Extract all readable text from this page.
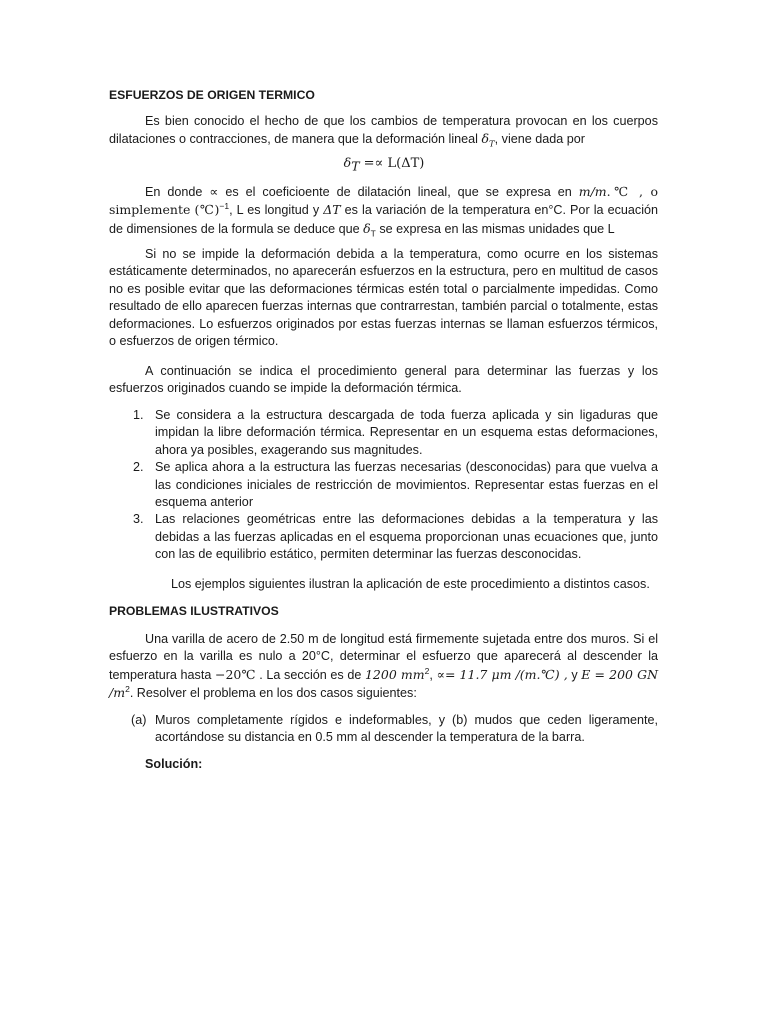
ESFUERZOS DE ORIGEN TERMICO

Es bien conocido el hecho de que los cambios de temperatura provocan en los cuerpos dilataciones o contracciones, de manera que la deformación lineal $\delta_T$, viene dada por

$\delta_T =\propto L(\Delta T)$

En donde ∝ es el coeficioente de dilatación lineal, que se expresa en m/m.℃ , o simplemente (℃)$^{-1}$, L es longitud y ΔT es la variación de la temperatura en°C. Por la ecuación de dimensiones de la formula se deduce que $\delta_T$ se expresa en las mismas unidades que L

Si no se impide la deformación debida a la temperatura, como ocurre en los sistemas estáticamente determinados, no aparecerán esfuerzos en la estructura, pero en multitud de casos no es posible evitar que las deformaciones térmicas estén total o parcialmente impedidas. Como resultado de ello aparecen fuerzas internas que contrarrestan, también parcial o totalmente, estas deformaciones. Lo esfuerzos originados por estas fuerzas internas se llaman esfuerzos térmicos, o esfuerzos de origen térmico.

A continuación se indica el procedimiento general para determinar las fuerzas y los esfuerzos originados cuando se impide la deformación térmica.

1. Se considera a la estructura descargada de toda fuerza aplicada y sin ligaduras que impidan la libre deformación térmica. Representar en un esquema estas deformaciones, ahora ya posibles, exagerando sus magnitudes.
2. Se aplica ahora a la estructura las fuerzas necesarias (desconocidas) para que vuelva a las condiciones iniciales de restricción de movimientos. Representar estas fuerzas en el esquema anterior
3. Las relaciones geométricas entre las deformaciones debidas a la temperatura y las debidas a las fuerzas aplicadas en el esquema proporcionan unas ecuaciones que, junto con las de equilibrio estático, permiten determinar las fuerzas desconocidas.

Los ejemplos siguientes ilustran la aplicación de este procedimiento a distintos casos.

PROBLEMAS ILUSTRATIVOS

Una varilla de acero de 2.50 m de longitud está firmemente sujetada entre dos muros. Si el esfuerzo en la varilla es nulo a 20°C, determinar el esfuerzo que aparecerá al descender la temperatura hasta −20℃ . La sección es de 1200 $mm^2$, ∝= 11.7 μm /(m.℃) , y E = 200 GN $/m^2$. Resolver el problema en los dos casos siguientes:

(a) Muros completamente rígidos e indeformables, y (b) mudos que ceden ligeramente, acortándose su distancia en 0.5 mm al descender la temperatura de la barra.

Solución:
